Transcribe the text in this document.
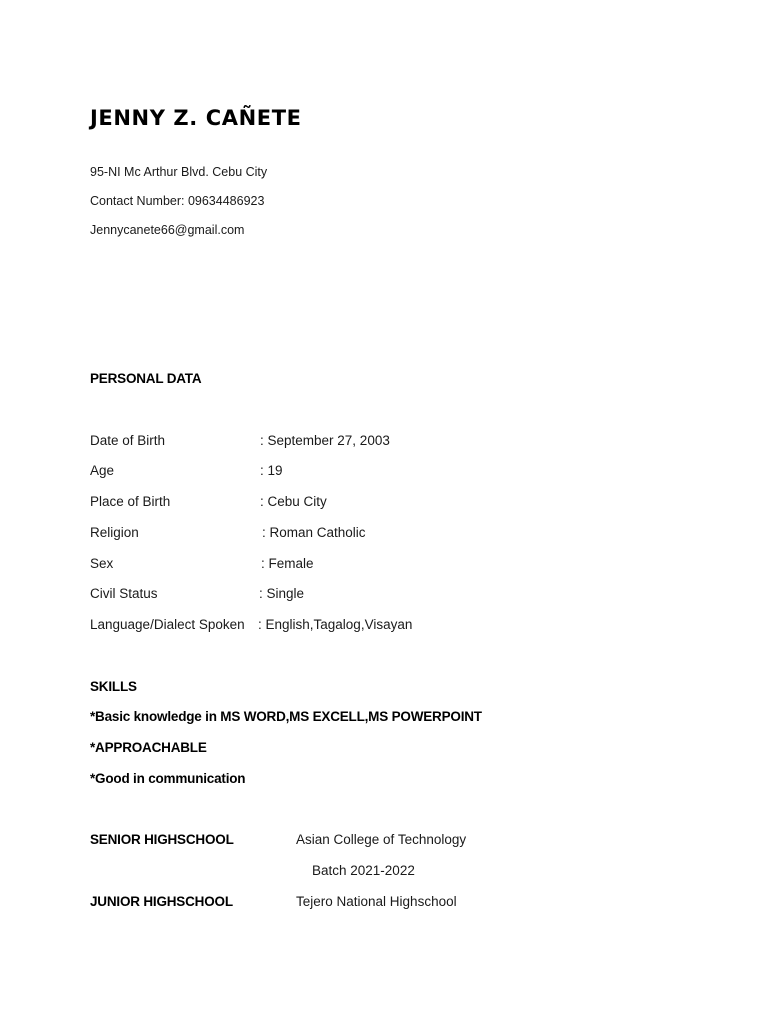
JENNY Z. CAÑETE
95-NI Mc Arthur Blvd. Cebu City
Contact Number: 09634486923
Jennycanete66@gmail.com
PERSONAL DATA
Date of Birth	: September 27, 2003
Age	: 19
Place of Birth	: Cebu City
Religion	: Roman Catholic
Sex	: Female
Civil Status	: Single
Language/Dialect Spoken : English,Tagalog,Visayan
SKILLS
*Basic knowledge in MS WORD,MS EXCELL,MS POWERPOINT
*APPROACHABLE
*Good in communication
SENIOR HIGHSCHOOL	Asian College of Technology
Batch 2021-2022
JUNIOR HIGHSCHOOL	Tejero National Highschool
